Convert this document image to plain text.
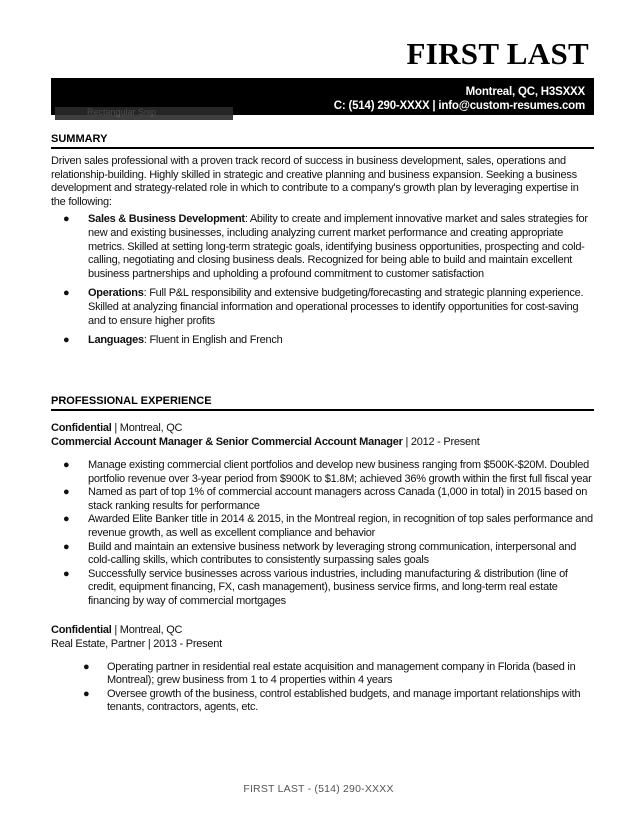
FIRST LAST
Montreal, QC, H3SXXX
C: (514) 290-XXXX | info@custom-resumes.com
Rectangular Snip
SUMMARY
Driven sales professional with a proven track record of success in business development, sales, operations and relationship-building. Highly skilled in strategic and creative planning and business expansion. Seeking a business development and strategy-related role in which to contribute to a company's growth plan by leveraging expertise in the following:
● Sales & Business Development: Ability to create and implement innovative market and sales strategies for new and existing businesses, including analyzing current market performance and creating appropriate metrics. Skilled at setting long-term strategic goals, identifying business opportunities, prospecting and cold-calling, negotiating and closing business deals. Recognized for being able to build and maintain excellent business partnerships and upholding a profound commitment to customer satisfaction
● Operations: Full P&L responsibility and extensive budgeting/forecasting and strategic planning experience. Skilled at analyzing financial information and operational processes to identify opportunities for cost-saving and to ensure higher profits
● Languages: Fluent in English and French
PROFESSIONAL EXPERIENCE
Confidential | Montreal, QC
Commercial Account Manager & Senior Commercial Account Manager | 2012 - Present
● Manage existing commercial client portfolios and develop new business ranging from $500K-$20M. Doubled portfolio revenue over 3-year period from $900K to $1.8M; achieved 36% growth within the first full fiscal year
● Named as part of top 1% of commercial account managers across Canada (1,000 in total) in 2015 based on stack ranking results for performance
● Awarded Elite Banker title in 2014 & 2015, in the Montreal region, in recognition of top sales performance and revenue growth, as well as excellent compliance and behavior
● Build and maintain an extensive business network by leveraging strong communication, interpersonal and cold-calling skills, which contributes to consistently surpassing sales goals
● Successfully service businesses across various industries, including manufacturing & distribution (line of credit, equipment financing, FX, cash management), business service firms, and long-term real estate financing by way of commercial mortgages
Confidential | Montreal, QC
Real Estate, Partner | 2013 - Present
● Operating partner in residential real estate acquisition and management company in Florida (based in Montreal); grew business from 1 to 4 properties within 4 years
● Oversee growth of the business, control established budgets, and manage important relationships with tenants, contractors, agents, etc.
FIRST LAST - (514) 290-XXXX
